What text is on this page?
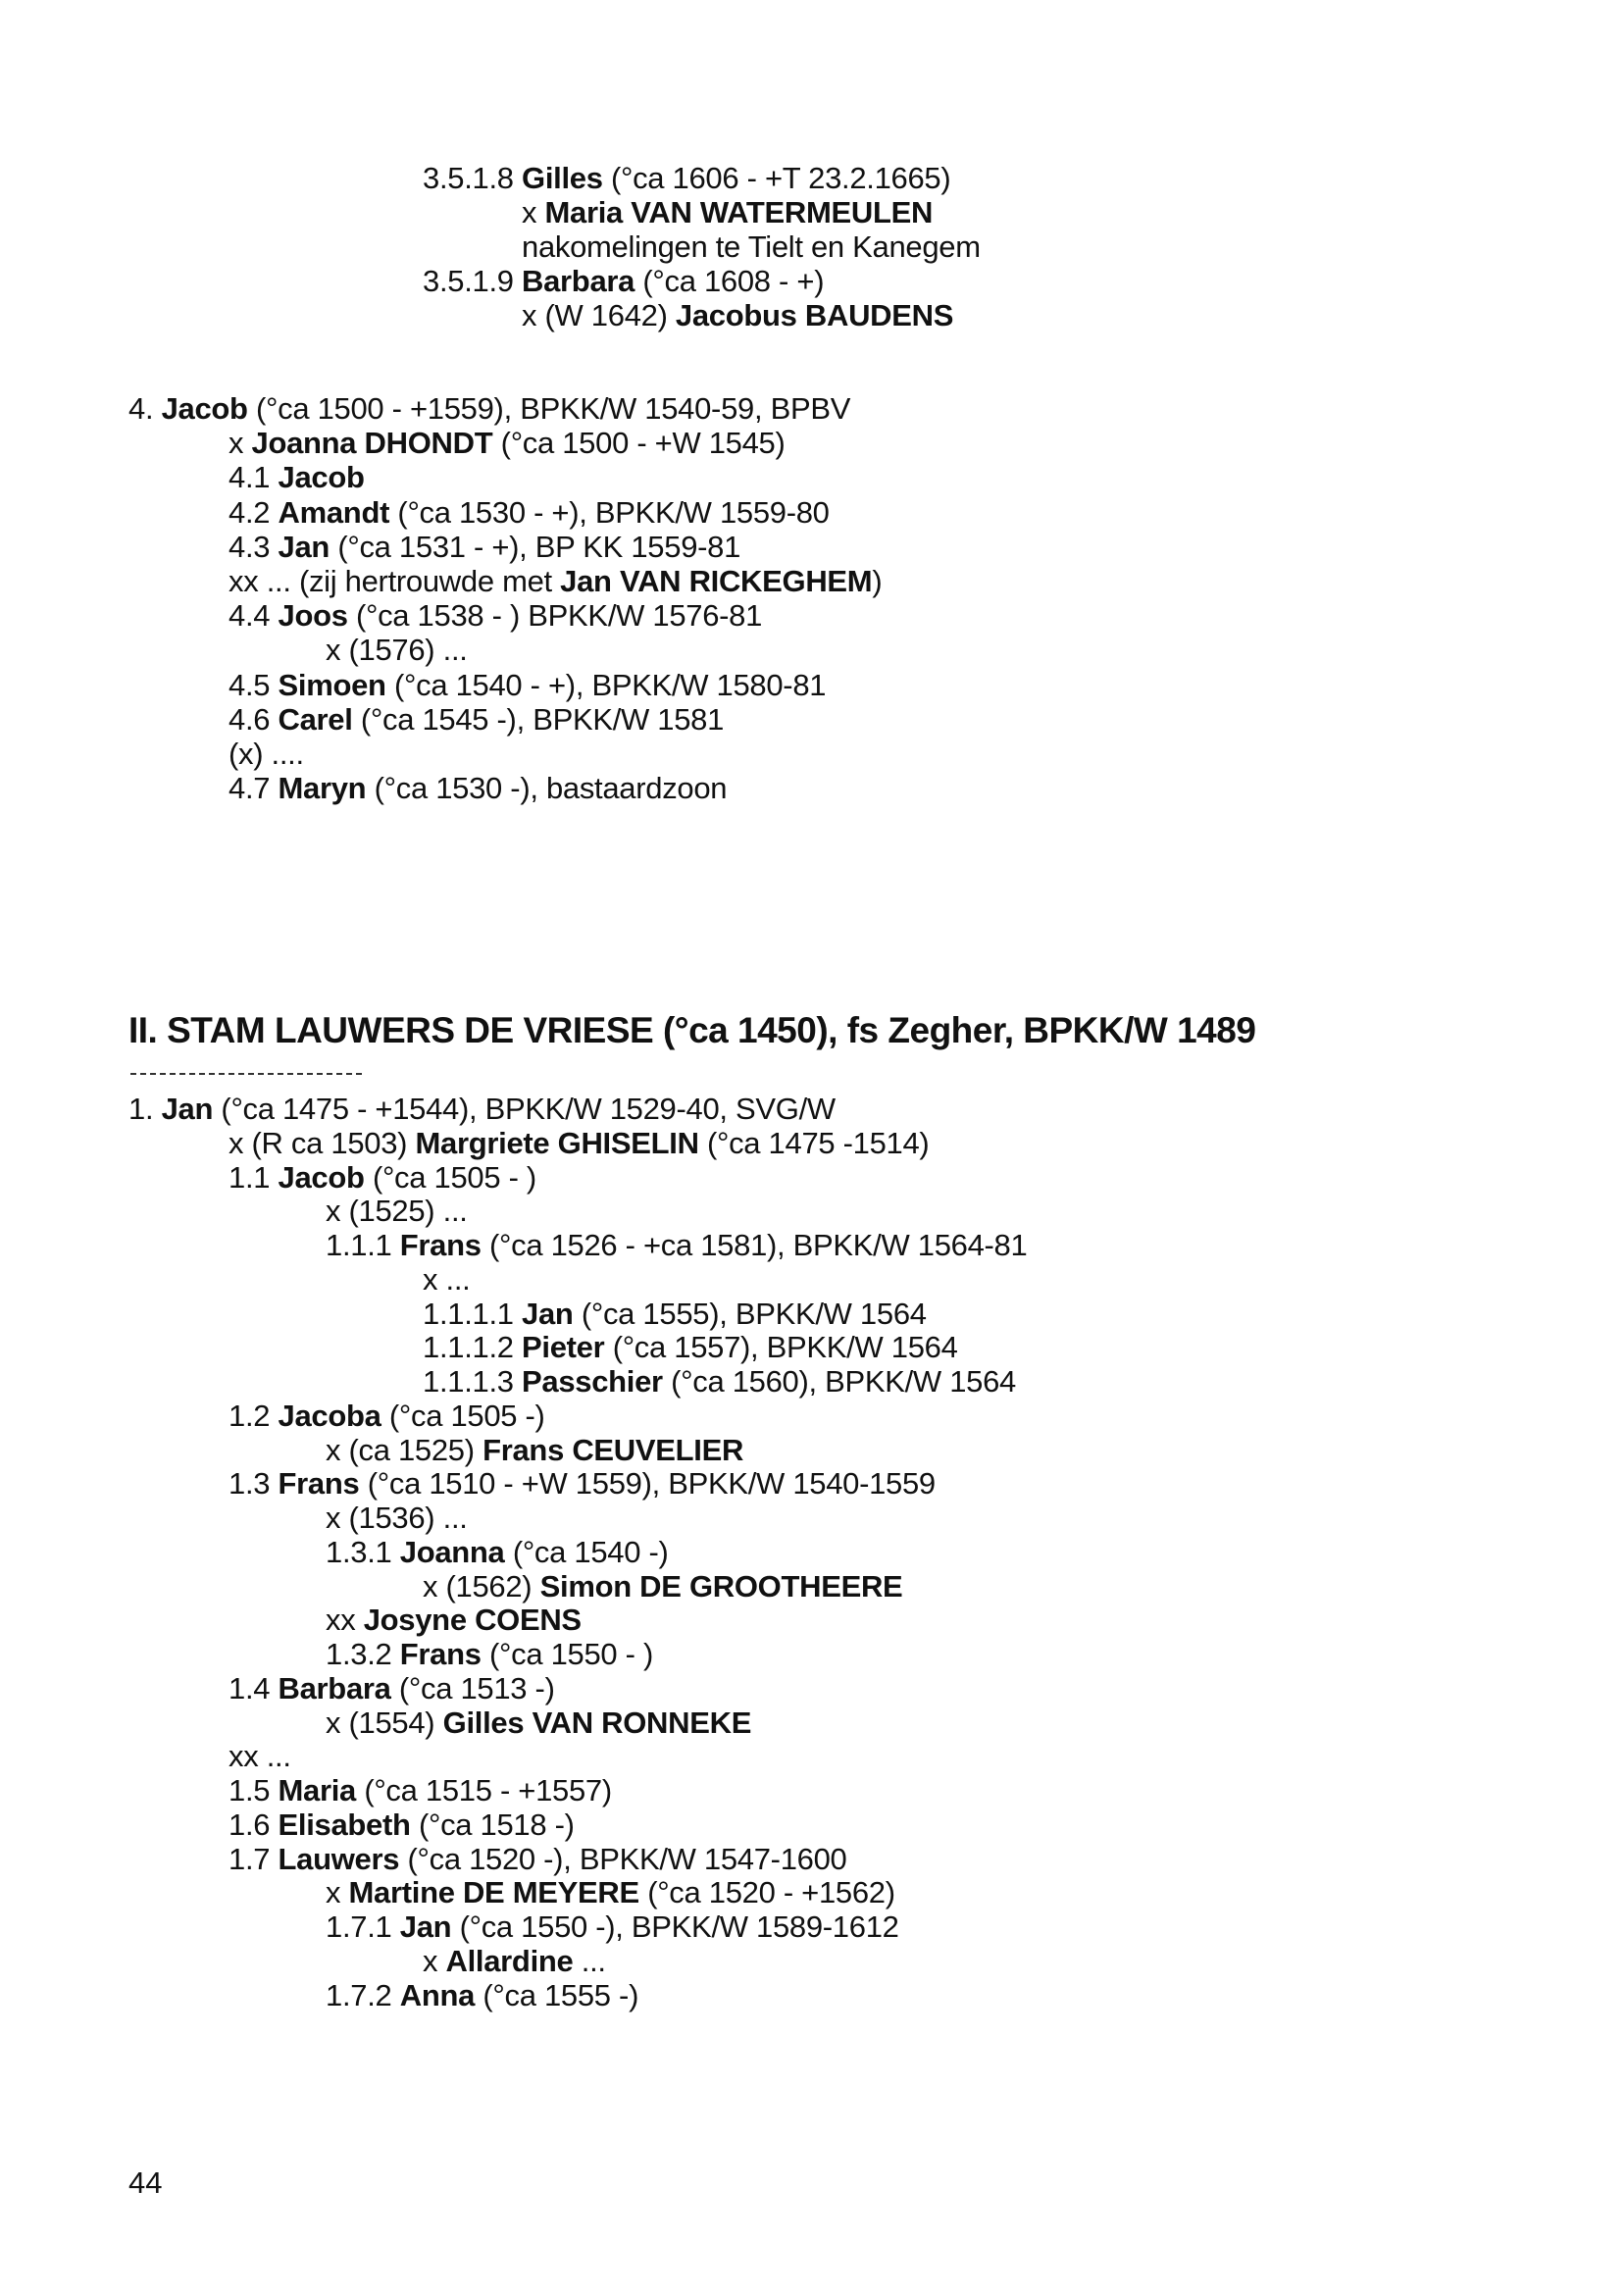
3.5.1.8 Gilles (°ca 1606 - +T 23.2.1665)
x Maria VAN WATERMEULEN
nakomelingen te Tielt en Kanegem
3.5.1.9 Barbara (°ca 1608 - +)
x (W 1642) Jacobus BAUDENS
4. Jacob (°ca 1500 - +1559), BPKK/W 1540-59, BPBV
x Joanna DHONDT (°ca 1500 - +W 1545)
4.1 Jacob
4.2 Amandt (°ca 1530 - +), BPKK/W 1559-80
4.3 Jan (°ca 1531 - +), BP KK 1559-81
xx ... (zij hertrouwde met Jan VAN RICKEGHEM)
4.4 Joos (°ca 1538 - ) BPKK/W 1576-81
x (1576) ...
4.5 Simoen (°ca 1540 - +), BPKK/W 1580-81
4.6 Carel (°ca 1545 -), BPKK/W 1581
(x) ....
4.7 Maryn (°ca 1530 -), bastaardzoon
II. STAM LAUWERS DE VRIESE (°ca 1450), fs Zegher, BPKK/W 1489
1. Jan (°ca 1475 - +1544), BPKK/W 1529-40, SVG/W
x (R ca 1503) Margriete GHISELIN (°ca 1475 -1514)
1.1 Jacob (°ca 1505 - )
x (1525) ...
1.1.1 Frans (°ca 1526 - +ca 1581), BPKK/W 1564-81
x ...
1.1.1.1 Jan (°ca 1555), BPKK/W 1564
1.1.1.2 Pieter (°ca 1557), BPKK/W 1564
1.1.1.3 Passchier (°ca 1560), BPKK/W 1564
1.2 Jacoba (°ca 1505 -)
x (ca 1525) Frans CEUVELIER
1.3 Frans (°ca 1510 - +W 1559), BPKK/W 1540-1559
x (1536) ...
1.3.1 Joanna (°ca 1540 -)
x (1562) Simon DE GROOTHEERE
xx Josyne COENS
1.3.2 Frans (°ca 1550 - )
1.4 Barbara (°ca 1513 -)
x (1554) Gilles VAN RONNEKE
xx ...
1.5 Maria (°ca 1515 - +1557)
1.6 Elisabeth (°ca 1518 -)
1.7 Lauwers (°ca 1520 -), BPKK/W 1547-1600
x Martine DE MEYERE (°ca 1520 - +1562)
1.7.1 Jan (°ca 1550 -), BPKK/W 1589-1612
x Allardine ...
1.7.2 Anna (°ca 1555 -)
44
